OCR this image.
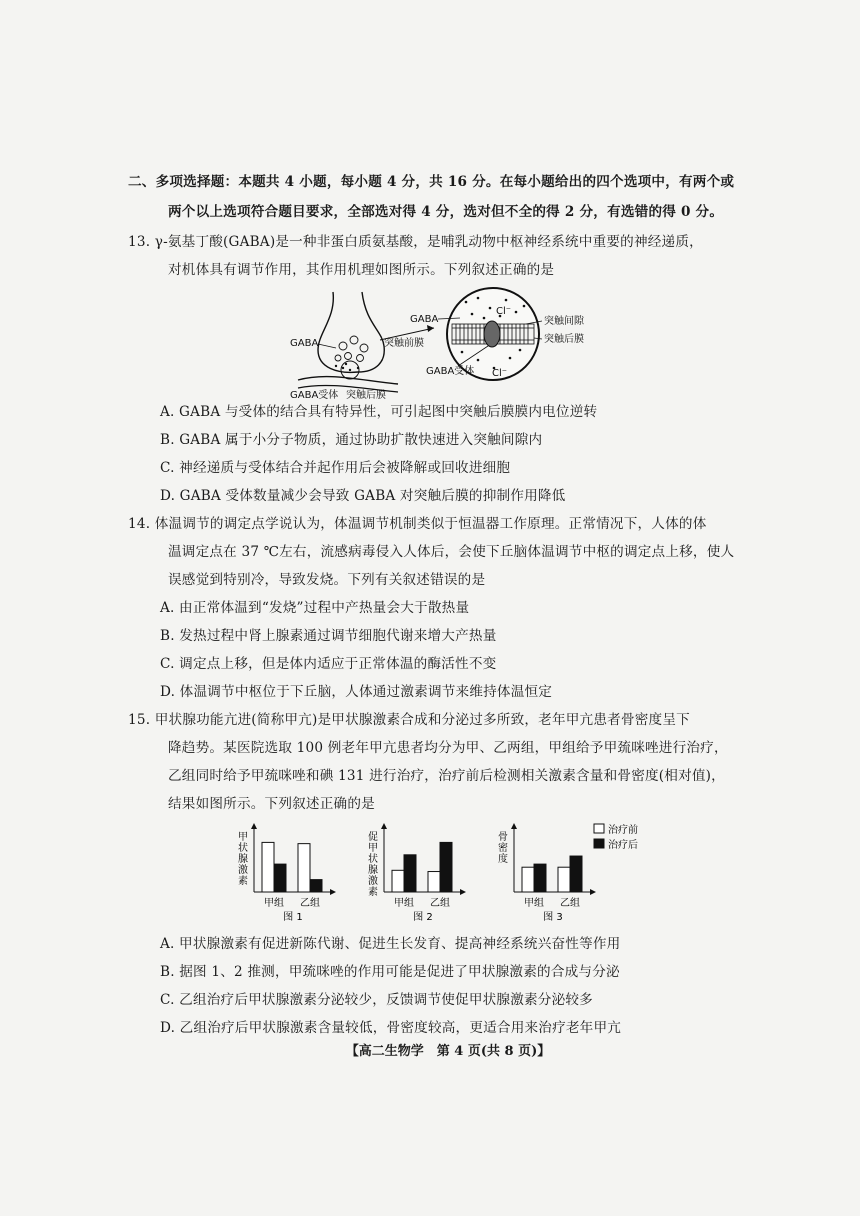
二、多项选择题：本题共 4 小题，每小题 4 分，共 16 分。在每小题给出的四个选项中，有两个或
两个以上选项符合题目要求，全部选对得 4 分，选对但不全的得 2 分，有选错的得 0 分。
13. γ-氨基丁酸(GABA)是一种非蛋白质氨基酸，是哺乳动物中枢神经系统中重要的神经递质，
对机体具有调节作用，其作用机理如图所示。下列叙述正确的是
GABA	突触前膜
GABA受体 突触后膜
Cl⁻
Cl⁻
GABA	突触间隙
突触后膜
GABA受体
A. GABA 与受体的结合具有特异性，可引起图中突触后膜膜内电位逆转
B. GABA 属于小分子物质，通过协助扩散快速进入突触间隙内
C. 神经递质与受体结合并起作用后会被降解或回收进细胞
D. GABA 受体数量减少会导致 GABA 对突触后膜的抑制作用降低
14. 体温调节的调定点学说认为，体温调节机制类似于恒温器工作原理。正常情况下，人体的体
温调定点在 37 ℃左右，流感病毒侵入人体后，会使下丘脑体温调节中枢的调定点上移，使人
误感觉到特别冷，导致发烧。下列有关叙述错误的是
A. 由正常体温到“发烧”过程中产热量会大于散热量
B. 发热过程中肾上腺素通过调节细胞代谢来增大产热量
C. 调定点上移，但是体内适应于正常体温的酶活性不变
D. 体温调节中枢位于下丘脑，人体通过激素调节来维持体温恒定
15. 甲状腺功能亢进(简称甲亢)是甲状腺激素合成和分泌过多所致，老年甲亢患者骨密度呈下
降趋势。某医院选取 100 例老年甲亢患者均分为甲、乙两组，甲组给予甲巯咪唑进行治疗，
乙组同时给予甲巯咪唑和碘 131 进行治疗，治疗前后检测相关激素含量和骨密度(相对值)，
结果如图所示。下列叙述正确的是
甲
状
腺
激
素
甲组 乙组
图 1
促
甲
状
腺
激
素
甲组 乙组
图 2
骨
密
度
甲组 乙组
图 3
治疗前
治疗后
A. 甲状腺激素有促进新陈代谢、促进生长发育、提高神经系统兴奋性等作用
B. 据图 1、2 推测，甲巯咪唑的作用可能是促进了甲状腺激素的合成与分泌
C. 乙组治疗后甲状腺激素分泌较少，反馈调节使促甲状腺激素分泌较多
D. 乙组治疗后甲状腺激素含量较低，骨密度较高，更适合用来治疗老年甲亢
【高二生物学　第 4 页(共 8 页)】
